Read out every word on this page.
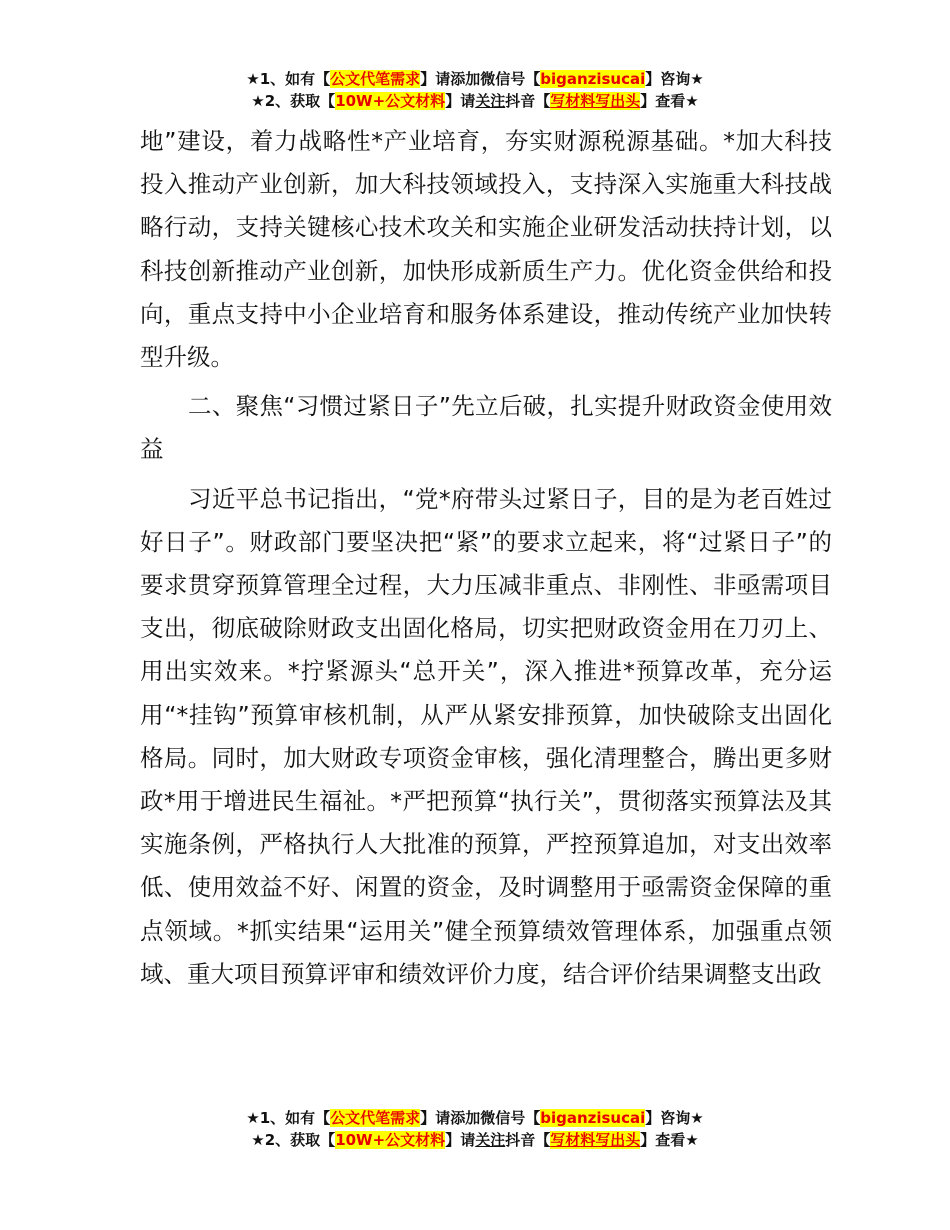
★1、如有【公文代笔需求】请添加微信号【biganzisucai】咨询★
★2、获取【10W+公文材料】请关注抖音【写材料写出头】查看★

地”建设，着力战略性*产业培育，夯实财源税源基础。*加大科技投入推动产业创新，加大科技领域投入，支持深入实施重大科技战略行动，支持关键核心技术攻关和实施企业研发活动扶持计划，以科技创新推动产业创新，加快形成新质生产力。优化资金供给和投向，重点支持中小企业培育和服务体系建设，推动传统产业加快转型升级。

二、聚焦“习惯过紧日子”先立后破，扎实提升财政资金使用效益

习近平总书记指出，“党*府带头过紧日子，目的是为老百姓过好日子”。财政部门要坚决把“紧”的要求立起来，将“过紧日子”的要求贯穿预算管理全过程，大力压减非重点、非刚性、非亟需项目支出，彻底破除财政支出固化格局，切实把财政资金用在刀刃上、用出实效来。*拧紧源头“总开关”，深入推进*预算改革，充分运用“*挂钩”预算审核机制，从严从紧安排预算，加快破除支出固化格局。同时，加大财政专项资金审核，强化清理整合，腾出更多财政*用于增进民生福祉。*严把预算“执行关”，贯彻落实预算法及其实施条例，严格执行人大批准的预算，严控预算追加，对支出效率低、使用效益不好、闲置的资金，及时调整用于亟需资金保障的重点领域。*抓实结果“运用关”健全预算绩效管理体系，加强重点领域、重大项目预算评审和绩效评价力度，结合评价结果调整支出政

★1、如有【公文代笔需求】请添加微信号【biganzisucai】咨询★
★2、获取【10W+公文材料】请关注抖音【写材料写出头】查看★
